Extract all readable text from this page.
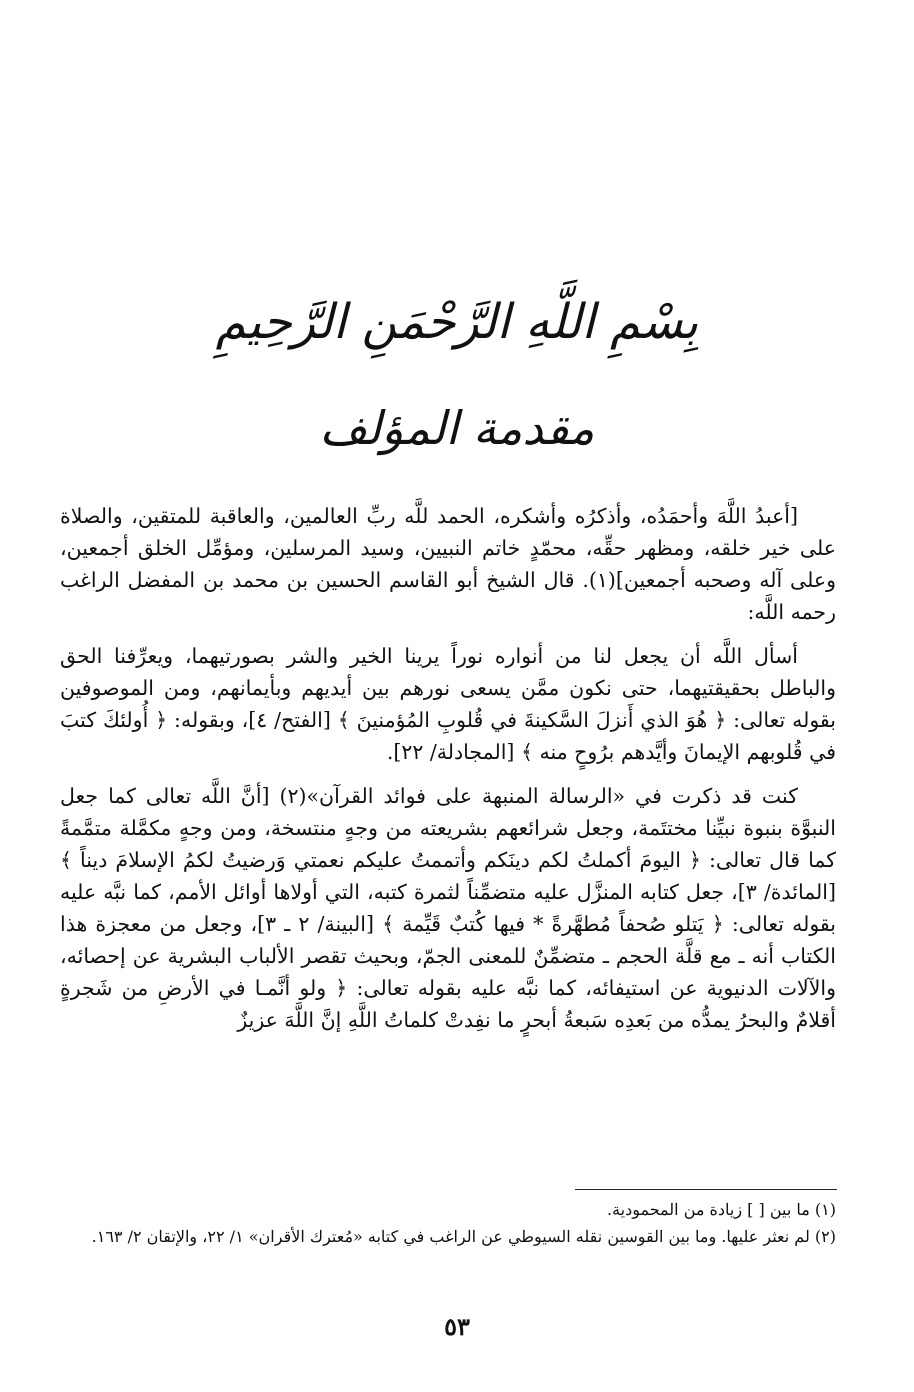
بِسْمِ اللَّهِ الرَّحْمَنِ الرَّحِيمِ
مقدمة المؤلف

[أعبدُ اللَّهَ وأحمَدُه، وأذكرُه وأشكره، الحمد للَّه ربِّ العالمين، والعاقبة للمتقين، والصلاة على خير خلقه، ومظهر حقِّه، محمّدٍ خاتم النبيين، وسيد المرسلين، ومؤمِّل الخلق أجمعين، وعلى آله وصحبه أجمعين](١). قال الشيخ أبو القاسم الحسين بن محمد بن المفضل الراغب رحمه اللَّه:

أسأل اللَّه أن يجعل لنا من أنواره نوراً يرينا الخير والشر بصورتيهما، ويعرِّفنا الحق والباطل بحقيقتيهما، حتى نكون ممَّن يسعى نورهم بين أيديهم وبأيمانهم، ومن الموصوفين بقوله تعالى: ﴿ هُوَ الذي أَنزلَ السَّكينةَ في قُلوبِ المُؤمنينَ ﴾ [الفتح/ ٤]، وبقوله: ﴿ أُولئكَ كتبَ في قُلوبهم الإيمانَ وأيَّدهم برُوحٍ منه ﴾ [المجادلة/ ٢٢].

كنت قد ذكرت في «الرسالة المنبهة على فوائد القرآن»(٢) [أنَّ اللَّه تعالى كما جعل النبوَّة بنبوة نبيِّنا مختتَمة، وجعل شرائعهم بشريعته من وجهٍ منتسخة، ومن وجهٍ مكمَّلة متمَّمةً كما قال تعالى: ﴿ اليومَ أكملتُ لكم دينَكم وأتممتُ عليكم نعمتي وَرضيتُ لكمُ الإسلامَ ديناً ﴾ [المائدة/ ٣]، جعل كتابه المنزَّل عليه متضمِّناً لثمرة كتبه، التي أولاها أوائل الأمم، كما نبَّه عليه بقوله تعالى: ﴿ يَتلو صُحفاً مُطهَّرةً * فيها كُتبٌ قَيِّمة ﴾ [البينة/ ٢ ـ ٣]، وجعل من معجزة هذا الكتاب أنه ـ مع قلَّة الحجم ـ متضمِّنٌ للمعنى الجمّ، وبحيث تقصر الألباب البشرية عن إحصائه، والآلات الدنيوية عن استيفائه، كما نبَّه عليه بقوله تعالى: ﴿ ولو أنَّمـا في الأرضِ من شَجرةٍ أقلامٌ والبحرُ يمدُّه من بَعدِه سَبعةُ أبحرٍ ما نفِدتْ كلماتُ اللَّهِ إنَّ اللَّهَ عزيزٌ

(١) ما بين [ ] زيادة من المحمودية.

(٢) لم نعثر عليها. وما بين القوسين نقله السيوطي عن الراغب في كتابه «مُعترك الأقران» ١/ ٢٢، والإتقان ٢/ ١٦٣.

٥٣
